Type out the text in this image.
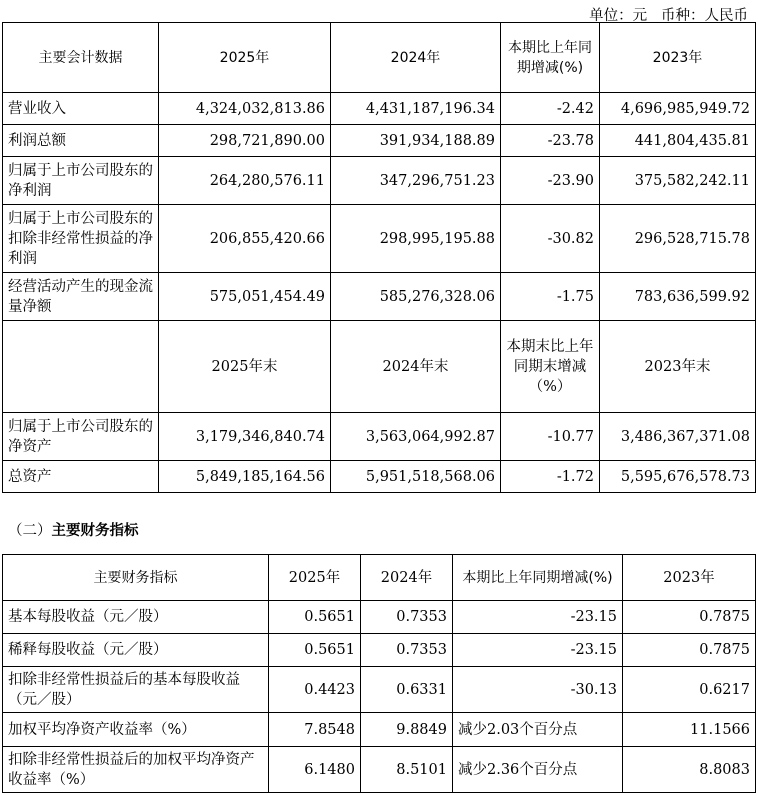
单位：元 币种：人民币
主要会计数据	2025年	2024年	本期比上年同期增减(%)	2023年
营业收入	4,324,032,813.86	4,431,187,196.34	-2.42	4,696,985,949.72
利润总额	298,721,890.00	391,934,188.89	-23.78	441,804,435.81
归属于上市公司股东的净利润	264,280,576.11	347,296,751.23	-23.90	375,582,242.11
归属于上市公司股东的扣除非经常性损益的净利润	206,855,420.66	298,995,195.88	-30.82	296,528,715.78
经营活动产生的现金流量净额	575,051,454.49	585,276,328.06	-1.75	783,636,599.92
	2025年末	2024年末	本期末比上年同期末增减（%）	2023年末
归属于上市公司股东的净资产	3,179,346,840.74	3,563,064,992.87	-10.77	3,486,367,371.08
总资产	5,849,185,164.56	5,951,518,568.06	-1.72	5,595,676,578.73
（二）主要财务指标
主要财务指标	2025年	2024年	本期比上年同期增减(%)	2023年
基本每股收益（元／股）	0.5651	0.7353	-23.15	0.7875
稀释每股收益（元／股）	0.5651	0.7353	-23.15	0.7875
扣除非经常性损益后的基本每股收益（元／股）	0.4423	0.6331	-30.13	0.6217
加权平均净资产收益率（%）	7.8548	9.8849	减少2.03个百分点	11.1566
扣除非经常性损益后的加权平均净资产收益率（%）	6.1480	8.5101	减少2.36个百分点	8.8083
